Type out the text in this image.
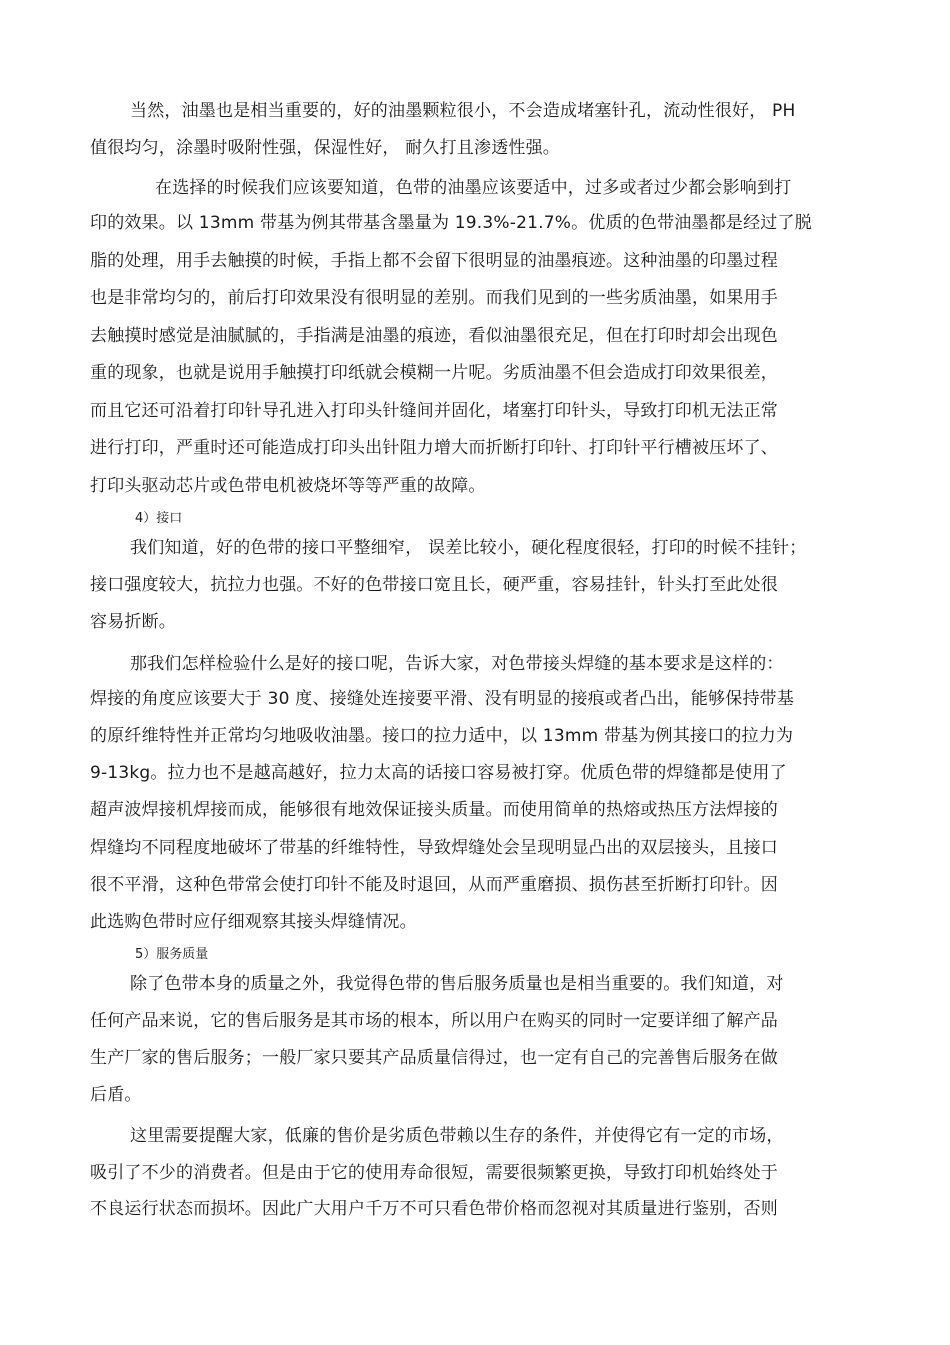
当然，油墨也是相当重要的，好的油墨颗粒很小，不会造成堵塞针孔，流动性很好， PH
值很均匀，涂墨时吸附性强，保湿性好， 耐久打且渗透性强。
在选择的时候我们应该要知道，色带的油墨应该要适中，过多或者过少都会影响到打
印的效果。以 13mm 带基为例其带基含墨量为 19.3%-21.7%。优质的色带油墨都是经过了脱
脂的处理，用手去触摸的时候，手指上都不会留下很明显的油墨痕迹。这种油墨的印墨过程
也是非常均匀的，前后打印效果没有很明显的差别。而我们见到的一些劣质油墨，如果用手
去触摸时感觉是油腻腻的，手指满是油墨的痕迹，看似油墨很充足，但在打印时却会出现色
重的现象，也就是说用手触摸打印纸就会模糊一片呢。劣质油墨不但会造成打印效果很差，
而且它还可沿着打印针导孔进入打印头针缝间并固化，堵塞打印针头，导致打印机无法正常
进行打印，严重时还可能造成打印头出针阻力增大而折断打印针、打印针平行槽被压坏了、
打印头驱动芯片或色带电机被烧坏等等严重的故障。
4）接口
我们知道，好的色带的接口平整细窄， 误差比较小，硬化程度很轻，打印的时候不挂针；
接口强度较大，抗拉力也强。不好的色带接口宽且长，硬严重，容易挂针，针头打至此处很
容易折断。
那我们怎样检验什么是好的接口呢，告诉大家，对色带接头焊缝的基本要求是这样的：
焊接的角度应该要大于 30 度、接缝处连接要平滑、没有明显的接痕或者凸出，能够保持带基
的原纤维特性并正常均匀地吸收油墨。接口的拉力适中，以 13mm 带基为例其接口的拉力为
9-13kg。拉力也不是越高越好，拉力太高的话接口容易被打穿。优质色带的焊缝都是使用了
超声波焊接机焊接而成，能够很有地效保证接头质量。而使用简单的热熔或热压方法焊接的
焊缝均不同程度地破坏了带基的纤维特性，导致焊缝处会呈现明显凸出的双层接头，且接口
很不平滑，这种色带常会使打印针不能及时退回，从而严重磨损、损伤甚至折断打印针。因
此选购色带时应仔细观察其接头焊缝情况。
5）服务质量
除了色带本身的质量之外，我觉得色带的售后服务质量也是相当重要的。我们知道，对
任何产品来说，它的售后服务是其市场的根本，所以用户在购买的同时一定要详细了解产品
生产厂家的售后服务；一般厂家只要其产品质量信得过，也一定有自己的完善售后服务在做
后盾。
这里需要提醒大家，低廉的售价是劣质色带赖以生存的条件，并使得它有一定的市场，
吸引了不少的消费者。但是由于它的使用寿命很短，需要很频繁更换，导致打印机始终处于
不良运行状态而损坏。因此广大用户千万不可只看色带价格而忽视对其质量进行鉴别，否则
